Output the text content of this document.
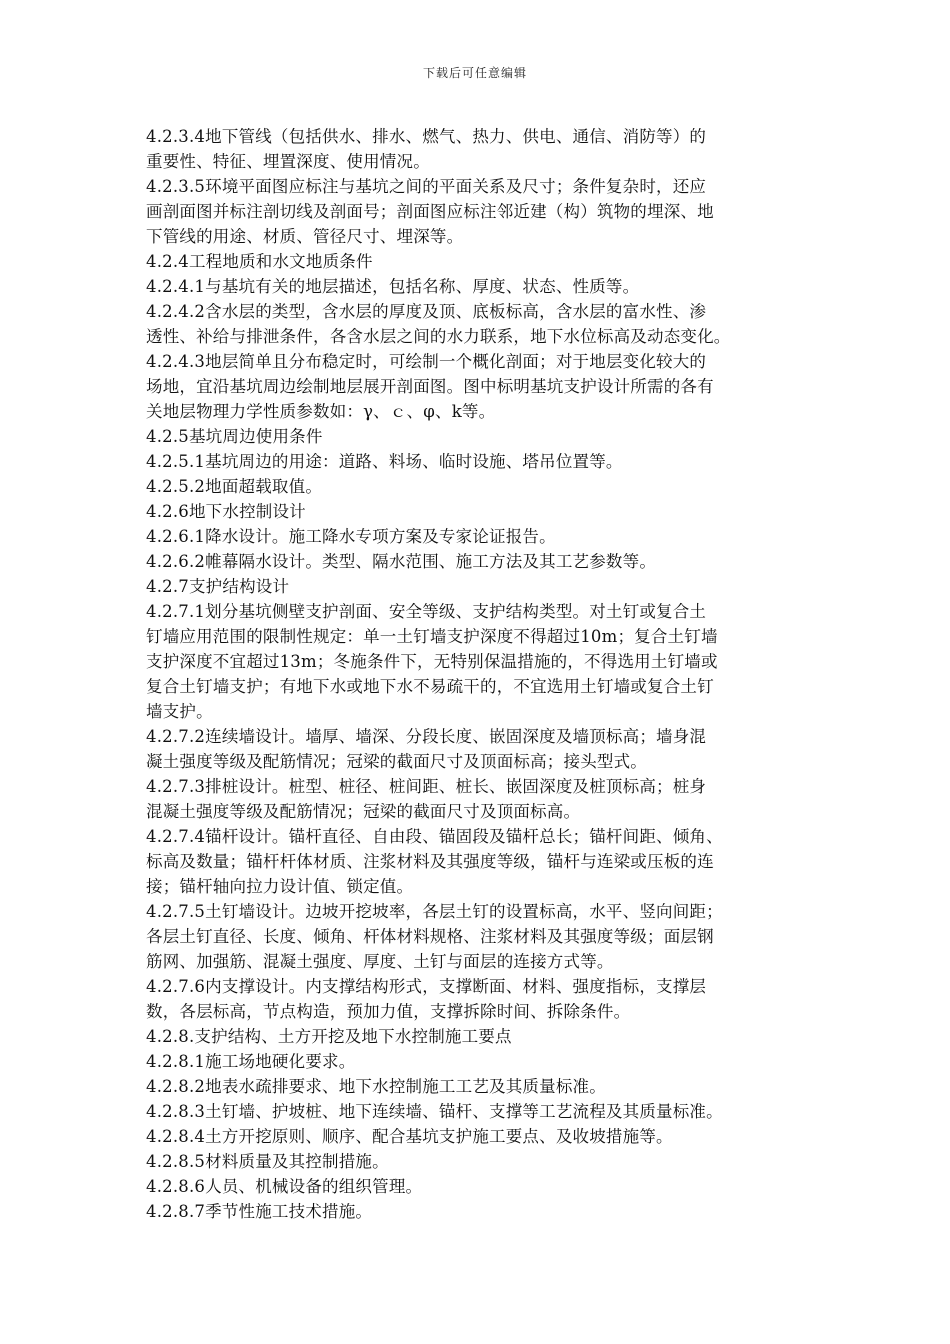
下载后可任意编辑
4.2.3.4地下管线（包括供水、排水、燃气、热力、供电、通信、消防等）的
重要性、特征、埋置深度、使用情况。
4.2.3.5环境平面图应标注与基坑之间的平面关系及尺寸；条件复杂时，还应
画剖面图并标注剖切线及剖面号；剖面图应标注邻近建（构）筑物的埋深、地
下管线的用途、材质、管径尺寸、埋深等。
4.2.4工程地质和水文地质条件
4.2.4.1与基坑有关的地层描述，包括名称、厚度、状态、性质等。
4.2.4.2含水层的类型，含水层的厚度及顶、底板标高，含水层的富水性、渗
透性、补给与排泄条件，各含水层之间的水力联系，地下水位标高及动态变化。
4.2.4.3地层简单且分布稳定时，可绘制一个概化剖面；对于地层变化较大的
场地，宜沿基坑周边绘制地层展开剖面图。图中标明基坑支护设计所需的各有
关地层物理力学性质参数如：γ、ｃ、φ、k等。
4.2.5基坑周边使用条件
4.2.5.1基坑周边的用途：道路、料场、临时设施、塔吊位置等。
4.2.5.2地面超载取值。
4.2.6地下水控制设计
4.2.6.1降水设计。施工降水专项方案及专家论证报告。
4.2.6.2帷幕隔水设计。类型、隔水范围、施工方法及其工艺参数等。
4.2.7支护结构设计
4.2.7.1划分基坑侧壁支护剖面、安全等级、支护结构类型。对土钉或复合土
钉墙应用范围的限制性规定：单一土钉墙支护深度不得超过10m；复合土钉墙
支护深度不宜超过13m；冬施条件下，无特别保温措施的，不得选用土钉墙或
复合土钉墙支护；有地下水或地下水不易疏干的，不宜选用土钉墙或复合土钉
墙支护。
4.2.7.2连续墙设计。墙厚、墙深、分段长度、嵌固深度及墙顶标高；墙身混
凝土强度等级及配筋情况；冠梁的截面尺寸及顶面标高；接头型式。
4.2.7.3排桩设计。桩型、桩径、桩间距、桩长、嵌固深度及桩顶标高；桩身
混凝土强度等级及配筋情况；冠梁的截面尺寸及顶面标高。
4.2.7.4锚杆设计。锚杆直径、自由段、锚固段及锚杆总长；锚杆间距、倾角、
标高及数量；锚杆杆体材质、注浆材料及其强度等级，锚杆与连梁或压板的连
接；锚杆轴向拉力设计值、锁定值。
4.2.7.5土钉墙设计。边坡开挖坡率，各层土钉的设置标高，水平、竖向间距；
各层土钉直径、长度、倾角、杆体材料规格、注浆材料及其强度等级；面层钢
筋网、加强筋、混凝土强度、厚度、土钉与面层的连接方式等。
4.2.7.6内支撑设计。内支撑结构形式，支撑断面、材料、强度指标，支撑层
数，各层标高，节点构造，预加力值，支撑拆除时间、拆除条件。
4.2.8.支护结构、土方开挖及地下水控制施工要点
4.2.8.1施工场地硬化要求。
4.2.8.2地表水疏排要求、地下水控制施工工艺及其质量标准。
4.2.8.3土钉墙、护坡桩、地下连续墙、锚杆、支撑等工艺流程及其质量标准。
4.2.8.4土方开挖原则、顺序、配合基坑支护施工要点、及收坡措施等。
4.2.8.5材料质量及其控制措施。
4.2.8.6人员、机械设备的组织管理。
4.2.8.7季节性施工技术措施。
